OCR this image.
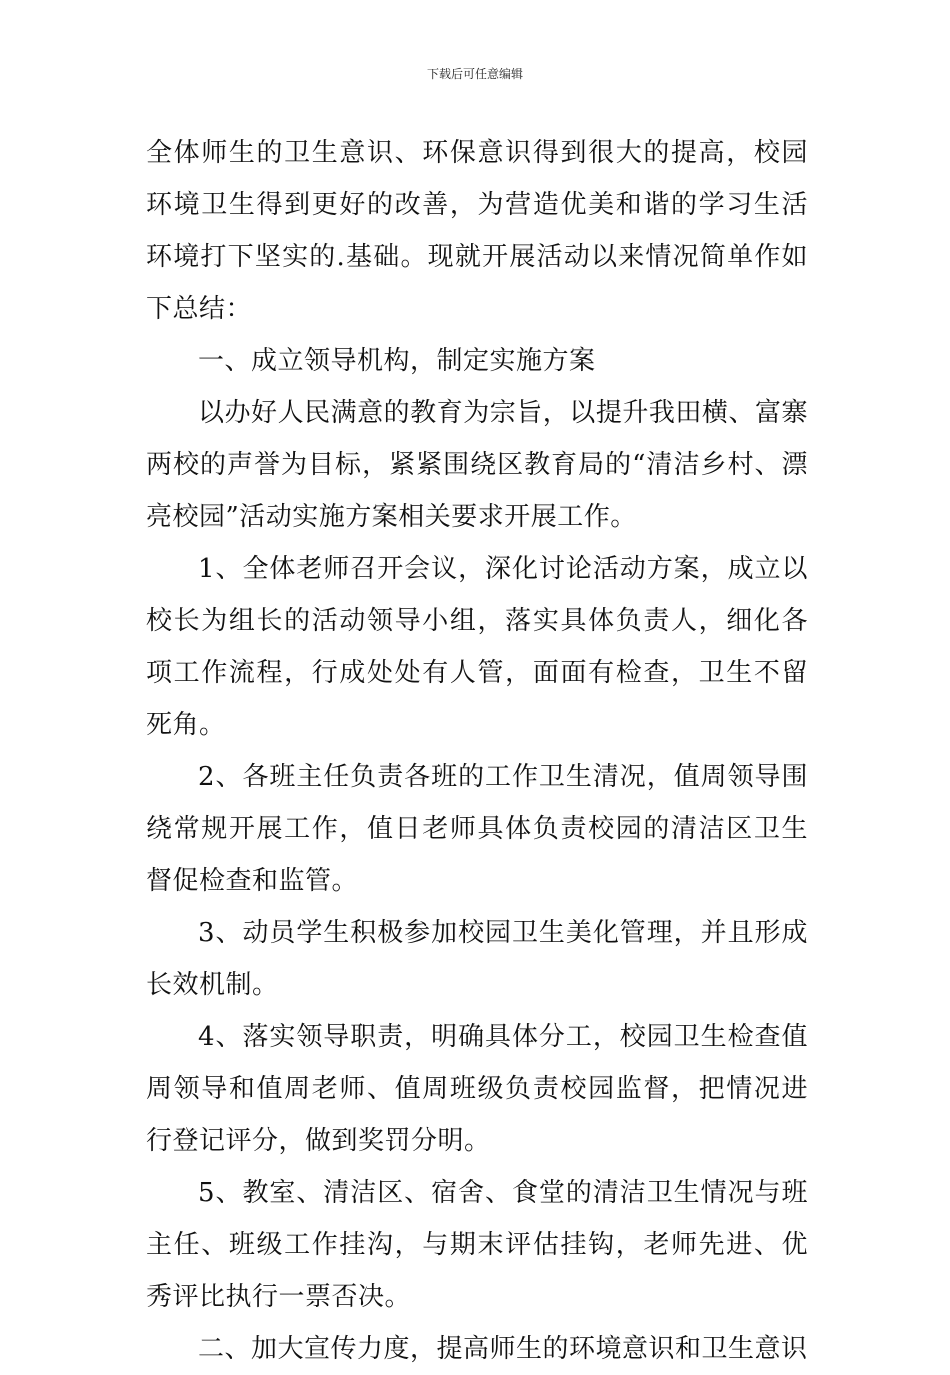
下载后可任意编辑

全体师生的卫生意识、环保意识得到很大的提高，校园环境卫生得到更好的改善，为营造优美和谐的学习生活环境打下坚实的.基础。现就开展活动以来情况简单作如下总结：

一、成立领导机构，制定实施方案

以办好人民满意的教育为宗旨，以提升我田横、富寨两校的声誉为目标，紧紧围绕区教育局的“清洁乡村、漂亮校园”活动实施方案相关要求开展工作。

1、全体老师召开会议，深化讨论活动方案，成立以校长为组长的活动领导小组，落实具体负责人，细化各项工作流程，行成处处有人管，面面有检查，卫生不留死角。

2、各班主任负责各班的工作卫生清况，值周领导围绕常规开展工作，值日老师具体负责校园的清洁区卫生督促检查和监管。

3、动员学生积极参加校园卫生美化管理，并且形成长效机制。

4、落实领导职责，明确具体分工，校园卫生检查值周领导和值周老师、值周班级负责校园监督，把情况进行登记评分，做到奖罚分明。

5、教室、清洁区、宿舍、食堂的清洁卫生情况与班主任、班级工作挂沟，与期末评估挂钩，老师先进、优秀评比执行一票否决。

二、加大宣传力度，提高师生的环境意识和卫生意识
